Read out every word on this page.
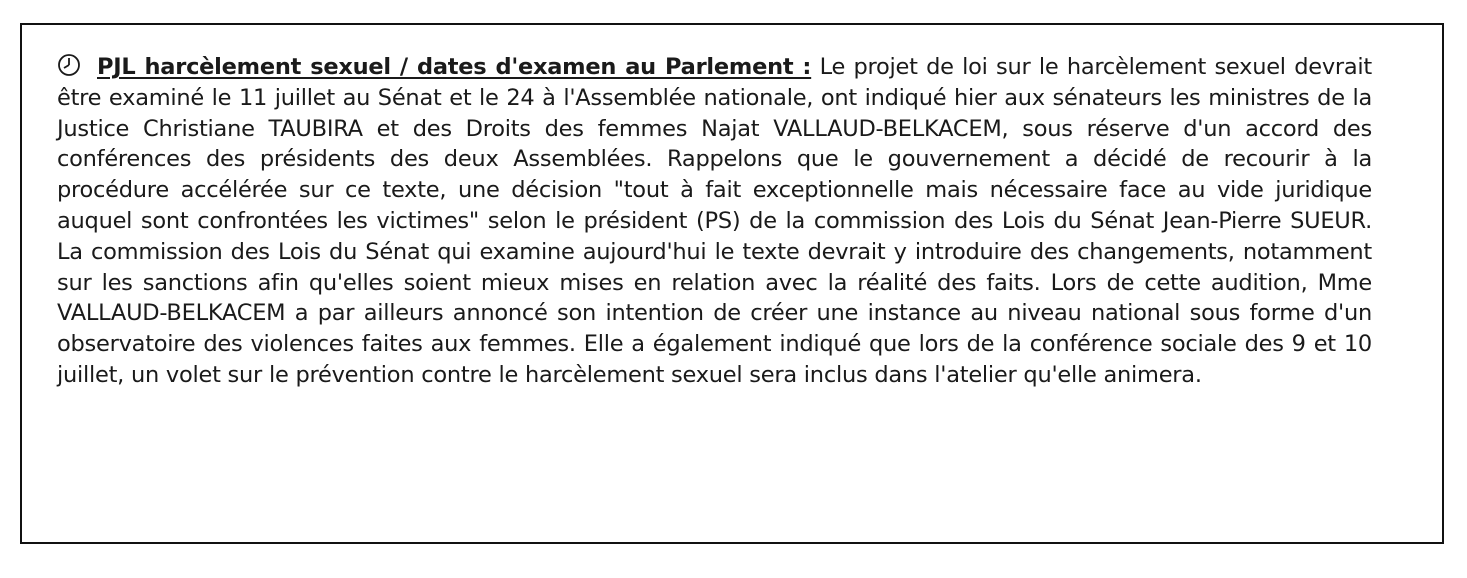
PJL harcèlement sexuel / dates d'examen au Parlement : Le projet de loi sur le harcèlement sexuel devrait être examiné le 11 juillet au Sénat et le 24 à l'Assemblée nationale, ont indiqué hier aux sénateurs les ministres de la Justice Christiane TAUBIRA et des Droits des femmes Najat VALLAUD-BELKACEM, sous réserve d'un accord des conférences des présidents des deux Assemblées. Rappelons que le gouvernement a décidé de recourir à la procédure accélérée sur ce texte, une décision "tout à fait exceptionnelle mais nécessaire face au vide juridique auquel sont confrontées les victimes" selon le président (PS) de la commission des Lois du Sénat Jean-Pierre SUEUR. La commission des Lois du Sénat qui examine aujourd'hui le texte devrait y introduire des changements, notamment sur les sanctions afin qu'elles soient mieux mises en relation avec la réalité des faits. Lors de cette audition, Mme VALLAUD-BELKACEM a par ailleurs annoncé son intention de créer une instance au niveau national sous forme d'un observatoire des violences faites aux femmes. Elle a également indiqué que lors de la conférence sociale des 9 et 10 juillet, un volet sur le prévention contre le harcèlement sexuel sera inclus dans l'atelier qu'elle animera.
